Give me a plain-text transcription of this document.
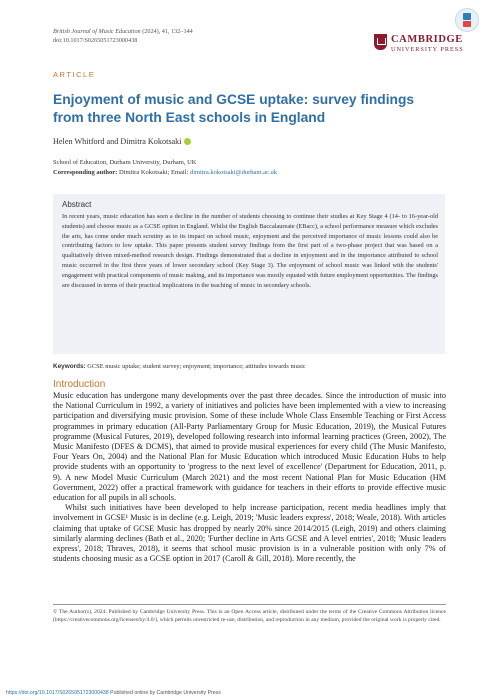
British Journal of Music Education (2024), 41, 132–144
doi:10.1017/S0265051723000438	CAMBRIDGE
UNIVERSITY PRESS
ARTICLE
Enjoyment of music and GCSE uptake: survey findings from three North East schools in England
Helen Whitford and Dimitra Kokotsaki
School of Education, Durham University, Durham, UK
Corresponding author: Dimitra Kokotsaki; Email: dimitra.kokotsaki@durham.ac.uk
Abstract

In recent years, music education has seen a decline in the number of students choosing to continue their studies at Key Stage 4 (14- to 16-year-old students) and choose music as a GCSE option in England. Whilst the English Baccalaureate (EBacc), a school performance measure which excludes the arts, has come under much scrutiny as to its impact on school music, enjoyment and the perceived importance of music lessons could also be contributing factors to low uptake. This paper presents student survey findings from the first part of a two-phase project that was based on a qualitatively driven mixed-method research design. Findings demonstrated that a decline in enjoyment and in the importance attributed to school music occurred in the first three years of lower secondary school (Key Stage 3). The enjoyment of school music was linked with the students' engagement with practical components of music making, and its importance was mostly equated with future employment opportunities. The findings are discussed in terms of their practical implications in the teaching of music in secondary schools.

Keywords: GCSE music uptake; student survey; enjoyment; importance; attitudes towards music
Introduction

Music education has undergone many developments over the past three decades. Since the introduction of music into the National Curriculum in 1992, a variety of initiatives and policies have been implemented with a view to increasing participation and diversifying music provision. Some of these include Whole Class Ensemble Teaching or First Access programmes in primary education (All-Party Parliamentary Group for Music Education, 2019), the Musical Futures programme (Musical Futures, 2019), developed following research into informal learning practices (Green, 2002), The Music Manifesto (DFES & DCMS), that aimed to provide musical experiences for every child (The Music Manifesto, Four Years On, 2004) and the National Plan for Music Education which introduced Music Education Hubs to help provide students with an opportunity to 'progress to the next level of excellence' (Department for Education, 2011, p. 9). A new Model Music Curriculum (March 2021) and the most recent National Plan for Music Education (HM Government, 2022) offer a practical framework with guidance for teachers in their efforts to provide effective music education for all pupils in all schools.

Whilst such initiatives have been developed to help increase participation, recent media headlines imply that involvement in GCSE¹ Music is in decline (e.g. Leigh, 2019; 'Music leaders express', 2018; Weale, 2018). With articles claiming that uptake of GCSE Music has dropped by nearly 20% since 2014/2015 (Leigh, 2019) and others claiming similarly alarming declines (Bath et al., 2020; 'Further decline in Arts GCSE and A level entries', 2018; 'Music leaders express', 2018; Thraves, 2018), it seems that school music provision is in a vulnerable position with only 7% of students choosing music as a GCSE option in 2017 (Caroll & Gill, 2018). More recently, the

© The Author(s), 2024. Published by Cambridge University Press. This is an Open Access article, distributed under the terms of the Creative Commons Attribution licence (https://creativecommons.org/licenses/by/4.0/), which permits unrestricted re-use, distribution, and reproduction in any medium, provided the original work is properly cited.

https://doi.org/10.1017/S0265051723000438 Published online by Cambridge University Press
